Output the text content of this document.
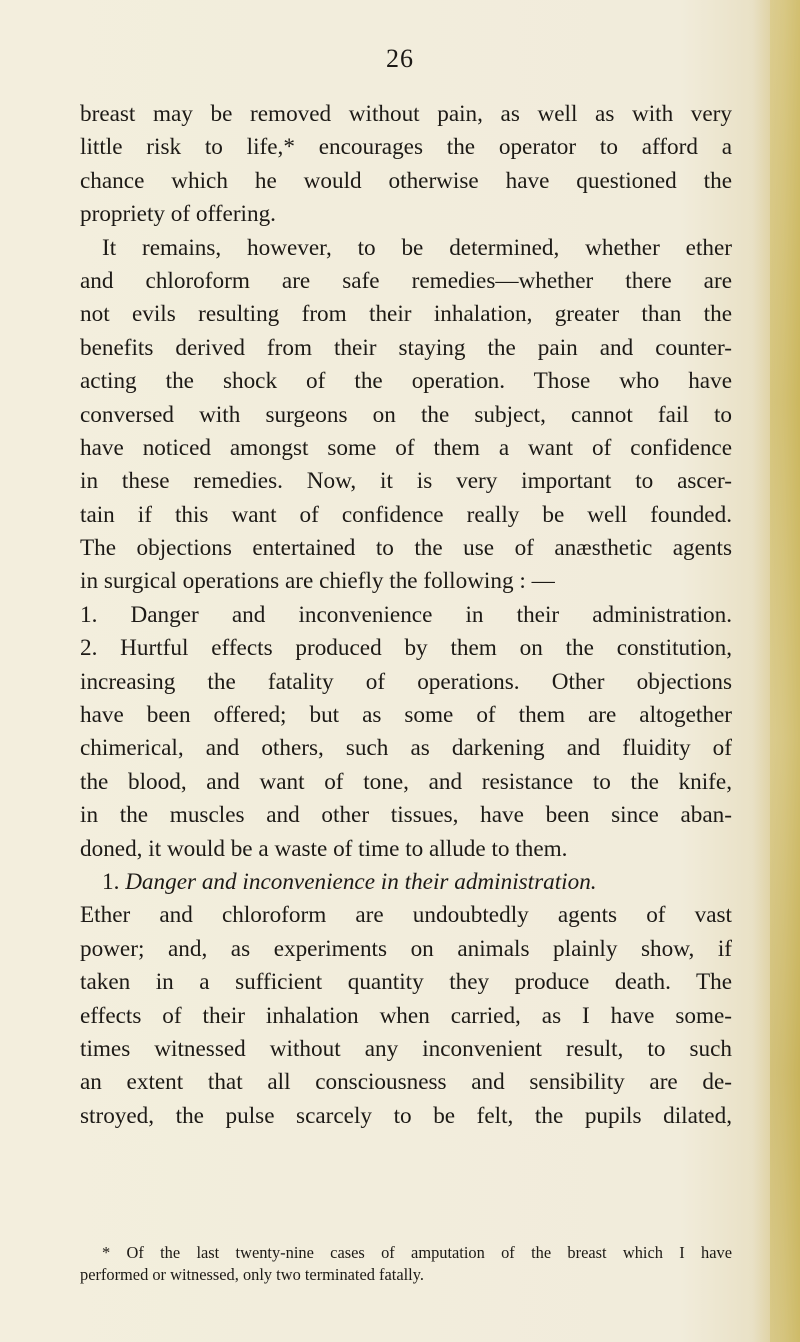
26
breast may be removed without pain, as well as with very
little risk to life,* encourages the operator to afford a
chance which he would otherwise have questioned the
propriety of offering.
It remains, however, to be determined, whether ether
and chloroform are safe remedies—whether there are
not evils resulting from their inhalation, greater than the
benefits derived from their staying the pain and counter-
acting the shock of the operation. Those who have
conversed with surgeons on the subject, cannot fail to
have noticed amongst some of them a want of confidence
in these remedies. Now, it is very important to ascer-
tain if this want of confidence really be well founded.
The objections entertained to the use of anæsthetic agents
in surgical operations are chiefly the following : —
1. Danger and inconvenience in their administration.
2. Hurtful effects produced by them on the constitution,
increasing the fatality of operations. Other objections
have been offered; but as some of them are altogether
chimerical, and others, such as darkening and fluidity of
the blood, and want of tone, and resistance to the knife,
in the muscles and other tissues, have been since aban-
doned, it would be a waste of time to allude to them.
1. Danger and inconvenience in their administration.
Ether and chloroform are undoubtedly agents of vast
power; and, as experiments on animals plainly show, if
taken in a sufficient quantity they produce death. The
effects of their inhalation when carried, as I have some-
times witnessed without any inconvenient result, to such
an extent that all consciousness and sensibility are de-
stroyed, the pulse scarcely to be felt, the pupils dilated,
* Of the last twenty-nine cases of amputation of the breast which I have
performed or witnessed, only two terminated fatally.
